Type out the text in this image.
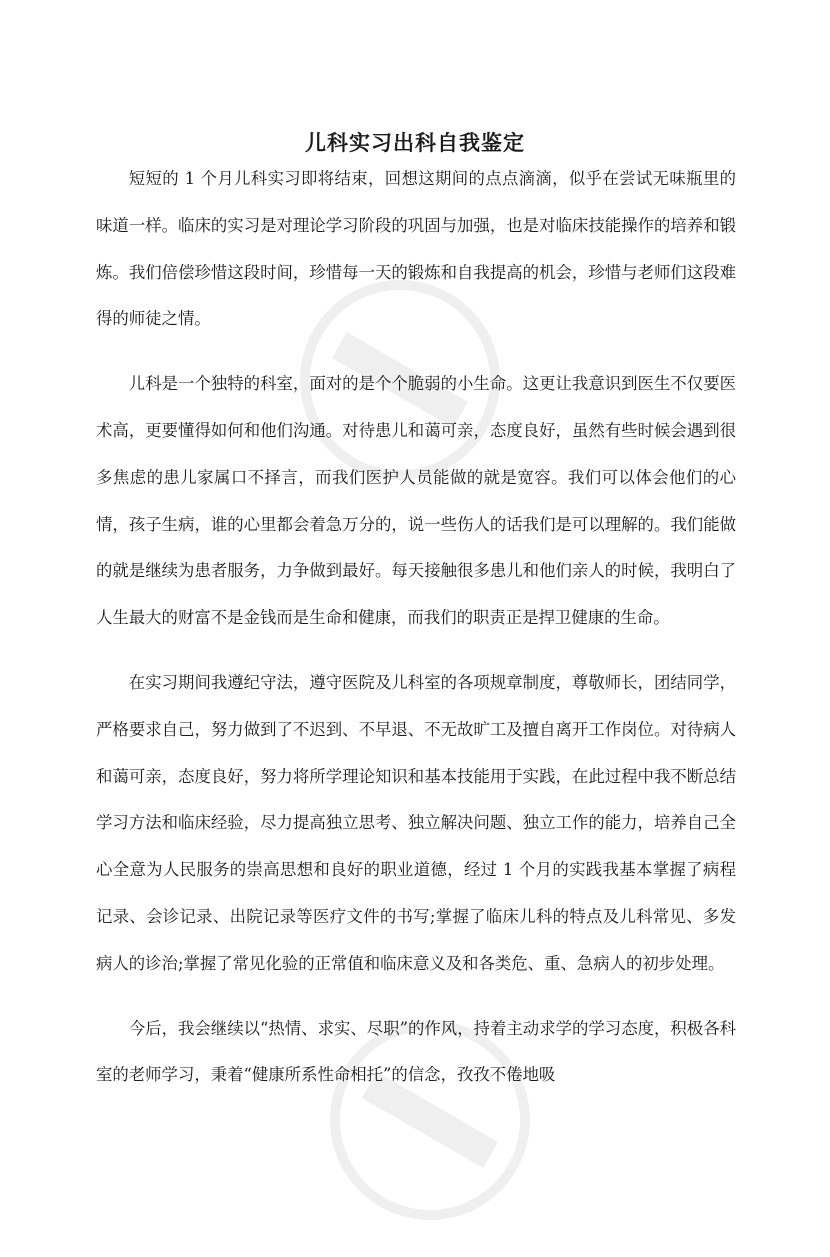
儿科实习出科自我鉴定

短短的 1 个月儿科实习即将结束，回想这期间的点点滴滴，似乎在尝试无味瓶里的味道一样。临床的实习是对理论学习阶段的巩固与加强，也是对临床技能操作的培养和锻炼。我们倍偿珍惜这段时间，珍惜每一天的锻炼和自我提高的机会，珍惜与老师们这段难得的师徒之情。

儿科是一个独特的科室，面对的是个个脆弱的小生命。这更让我意识到医生不仅要医术高，更要懂得如何和他们沟通。对待患儿和蔼可亲，态度良好，虽然有些时候会遇到很多焦虑的患儿家属口不择言，而我们医护人员能做的就是宽容。我们可以体会他们的心情，孩子生病，谁的心里都会着急万分的，说一些伤人的话我们是可以理解的。我们能做的就是继续为患者服务，力争做到最好。每天接触很多患儿和他们亲人的时候，我明白了人生最大的财富不是金钱而是生命和健康，而我们的职责正是捍卫健康的生命。

在实习期间我遵纪守法，遵守医院及儿科室的各项规章制度，尊敬师长，团结同学，严格要求自己，努力做到了不迟到、不早退、不无故旷工及擅自离开工作岗位。对待病人和蔼可亲，态度良好，努力将所学理论知识和基本技能用于实践，在此过程中我不断总结学习方法和临床经验，尽力提高独立思考、独立解决问题、独立工作的能力，培养自己全心全意为人民服务的崇高思想和良好的职业道德，经过 1 个月的实践我基本掌握了病程记录、会诊记录、出院记录等医疗文件的书写;掌握了临床儿科的特点及儿科常见、多发病人的诊治;掌握了常见化验的正常值和临床意义及和各类危、重、急病人的初步处理。

今后，我会继续以“热情、求实、尽职”的作风，持着主动求学的学习态度，积极各科室的老师学习，秉着“健康所系性命相托”的信念，孜孜不倦地吸
